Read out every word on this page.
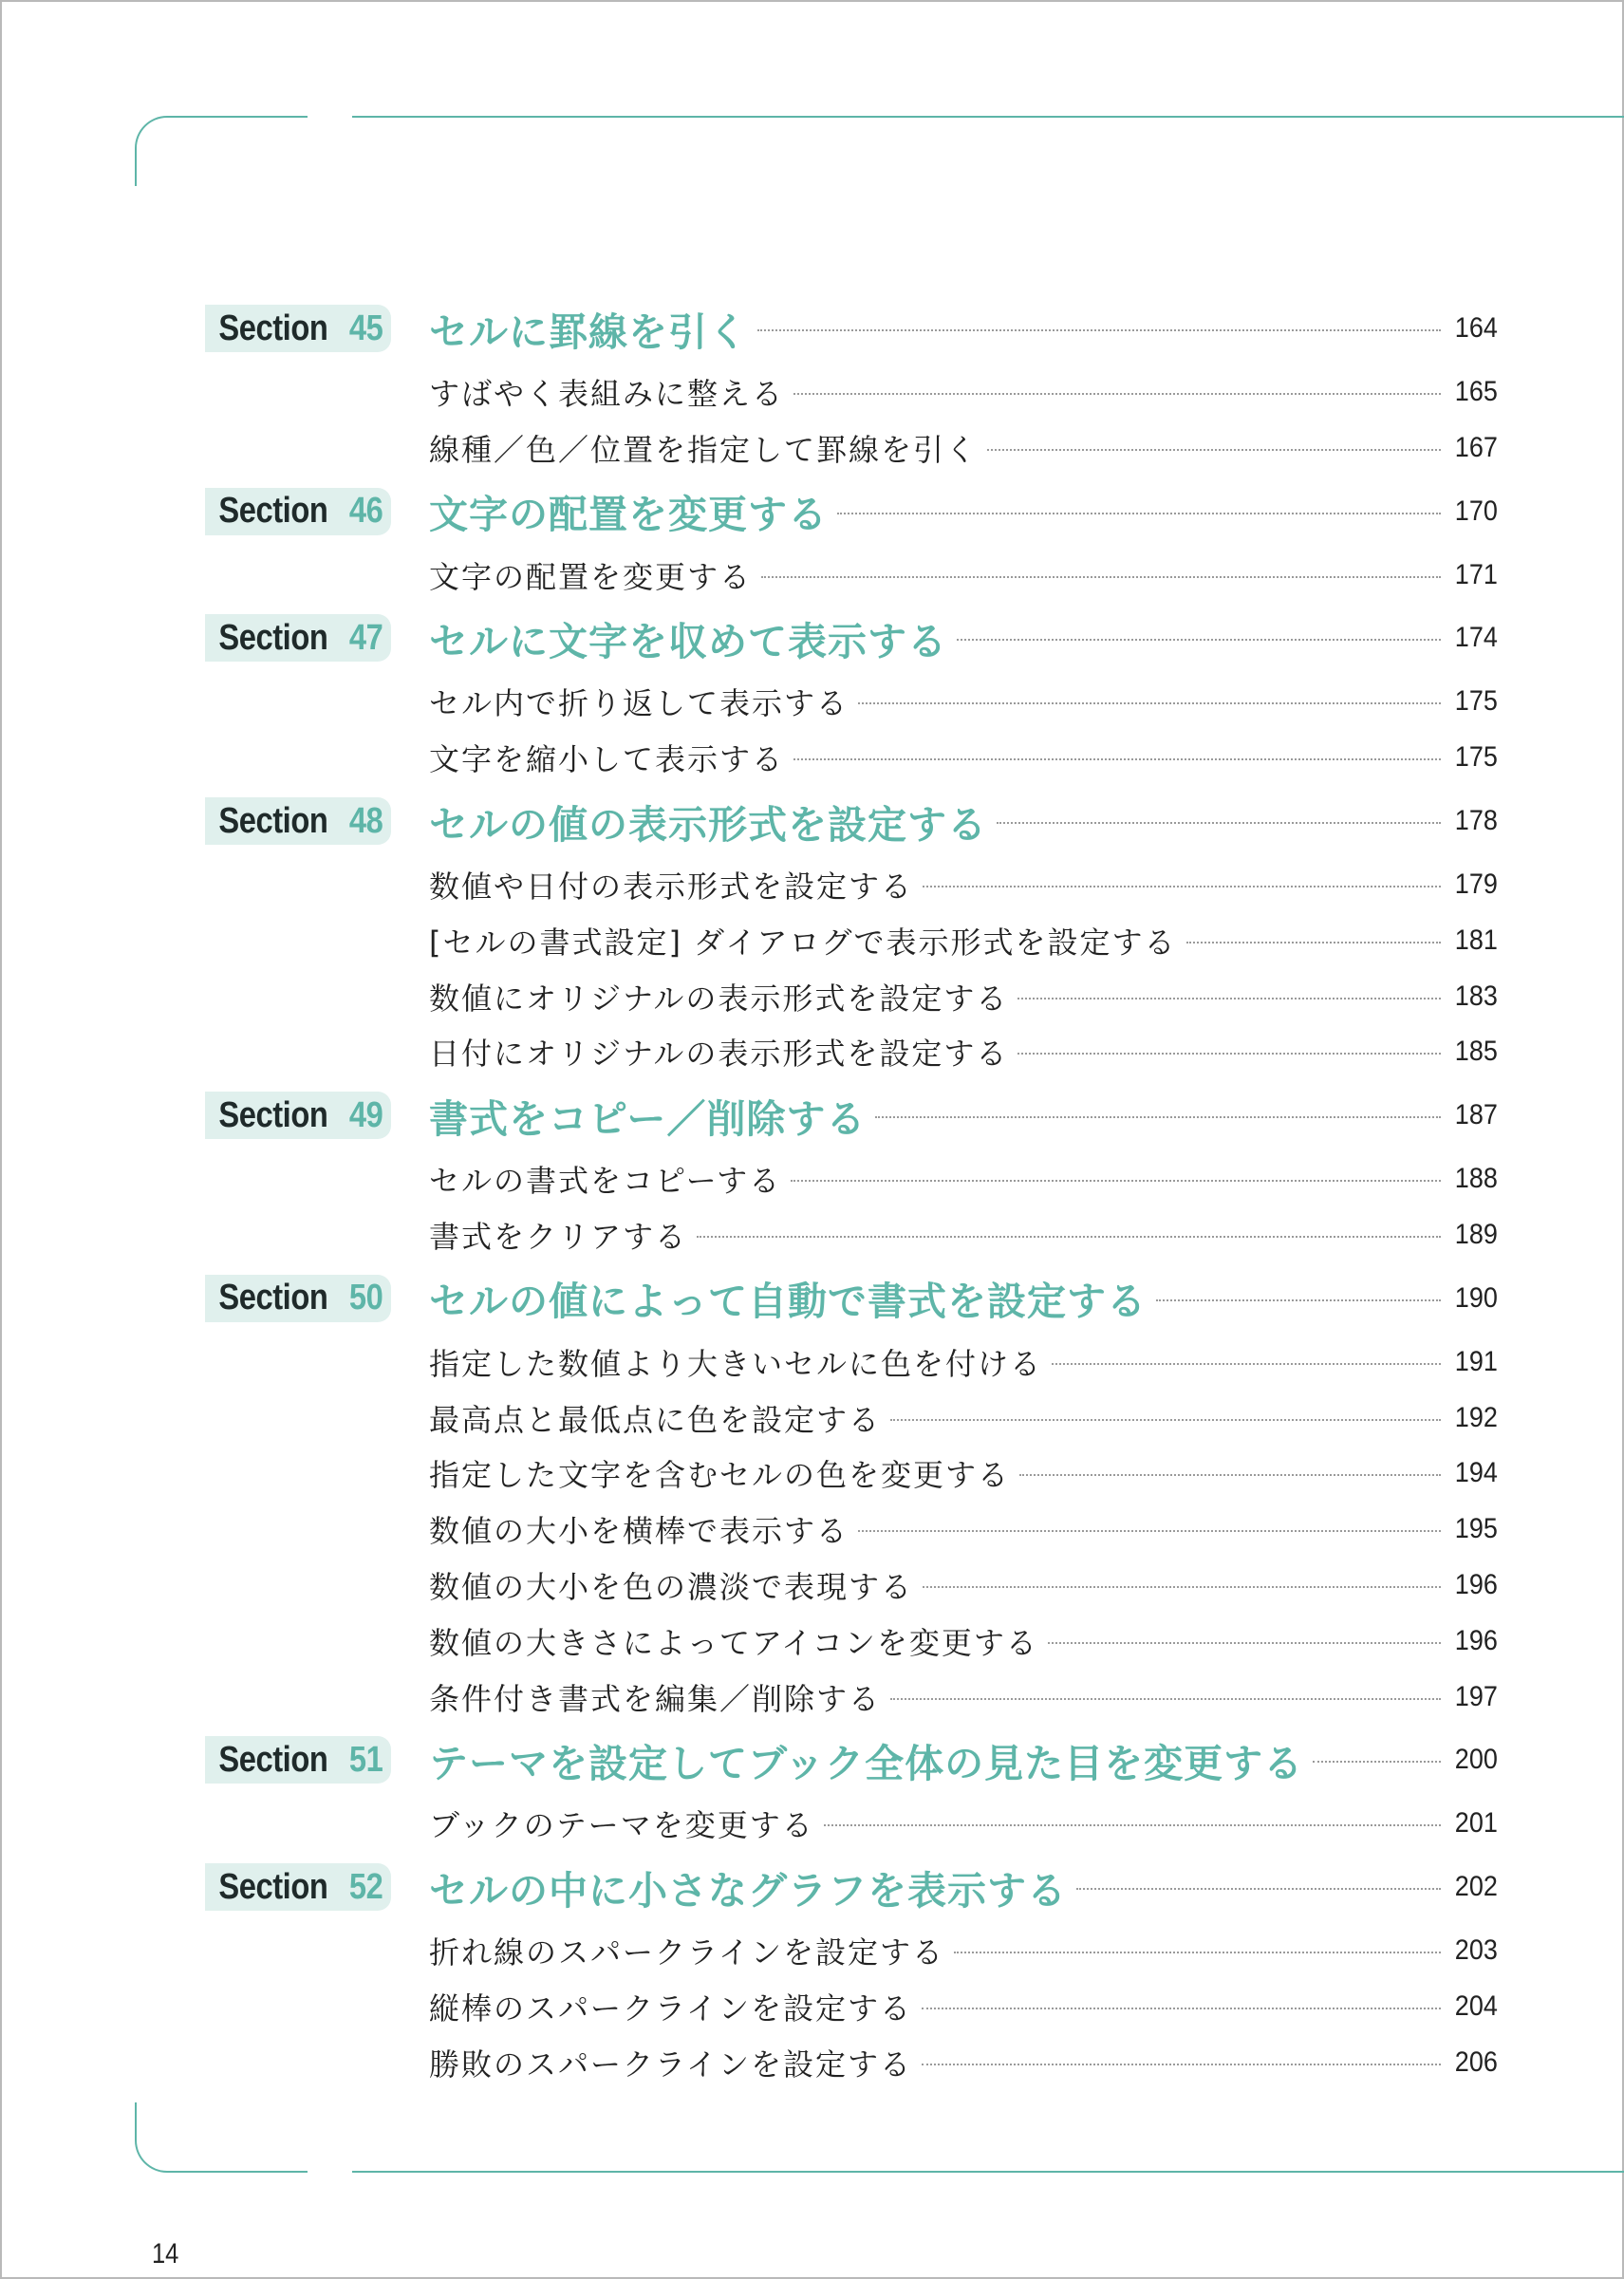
Section 45 セルに罫線を引く	164
すばやく表組みに整える	165
線種／色／位置を指定して罫線を引く	167
Section 46 文字の配置を変更する	170
文字の配置を変更する	171
Section 47 セルに文字を収めて表示する	174
セル内で折り返して表示する	175
文字を縮小して表示する	175
Section 48 セルの値の表示形式を設定する	178
数値や日付の表示形式を設定する	179
[セルの書式設定] ダイアログで表示形式を設定する	181
数値にオリジナルの表示形式を設定する	183
日付にオリジナルの表示形式を設定する	185
Section 49 書式をコピー／削除する	187
セルの書式をコピーする	188
書式をクリアする	189
Section 50 セルの値によって自動で書式を設定する	190
指定した数値より大きいセルに色を付ける	191
最高点と最低点に色を設定する	192
指定した文字を含むセルの色を変更する	194
数値の大小を横棒で表示する	195
数値の大小を色の濃淡で表現する	196
数値の大きさによってアイコンを変更する	196
条件付き書式を編集／削除する	197
Section 51 テーマを設定してブック全体の見た目を変更する	200
ブックのテーマを変更する	201
Section 52 セルの中に小さなグラフを表示する	202
折れ線のスパークラインを設定する	203
縦棒のスパークラインを設定する	204
勝敗のスパークラインを設定する	206
14
